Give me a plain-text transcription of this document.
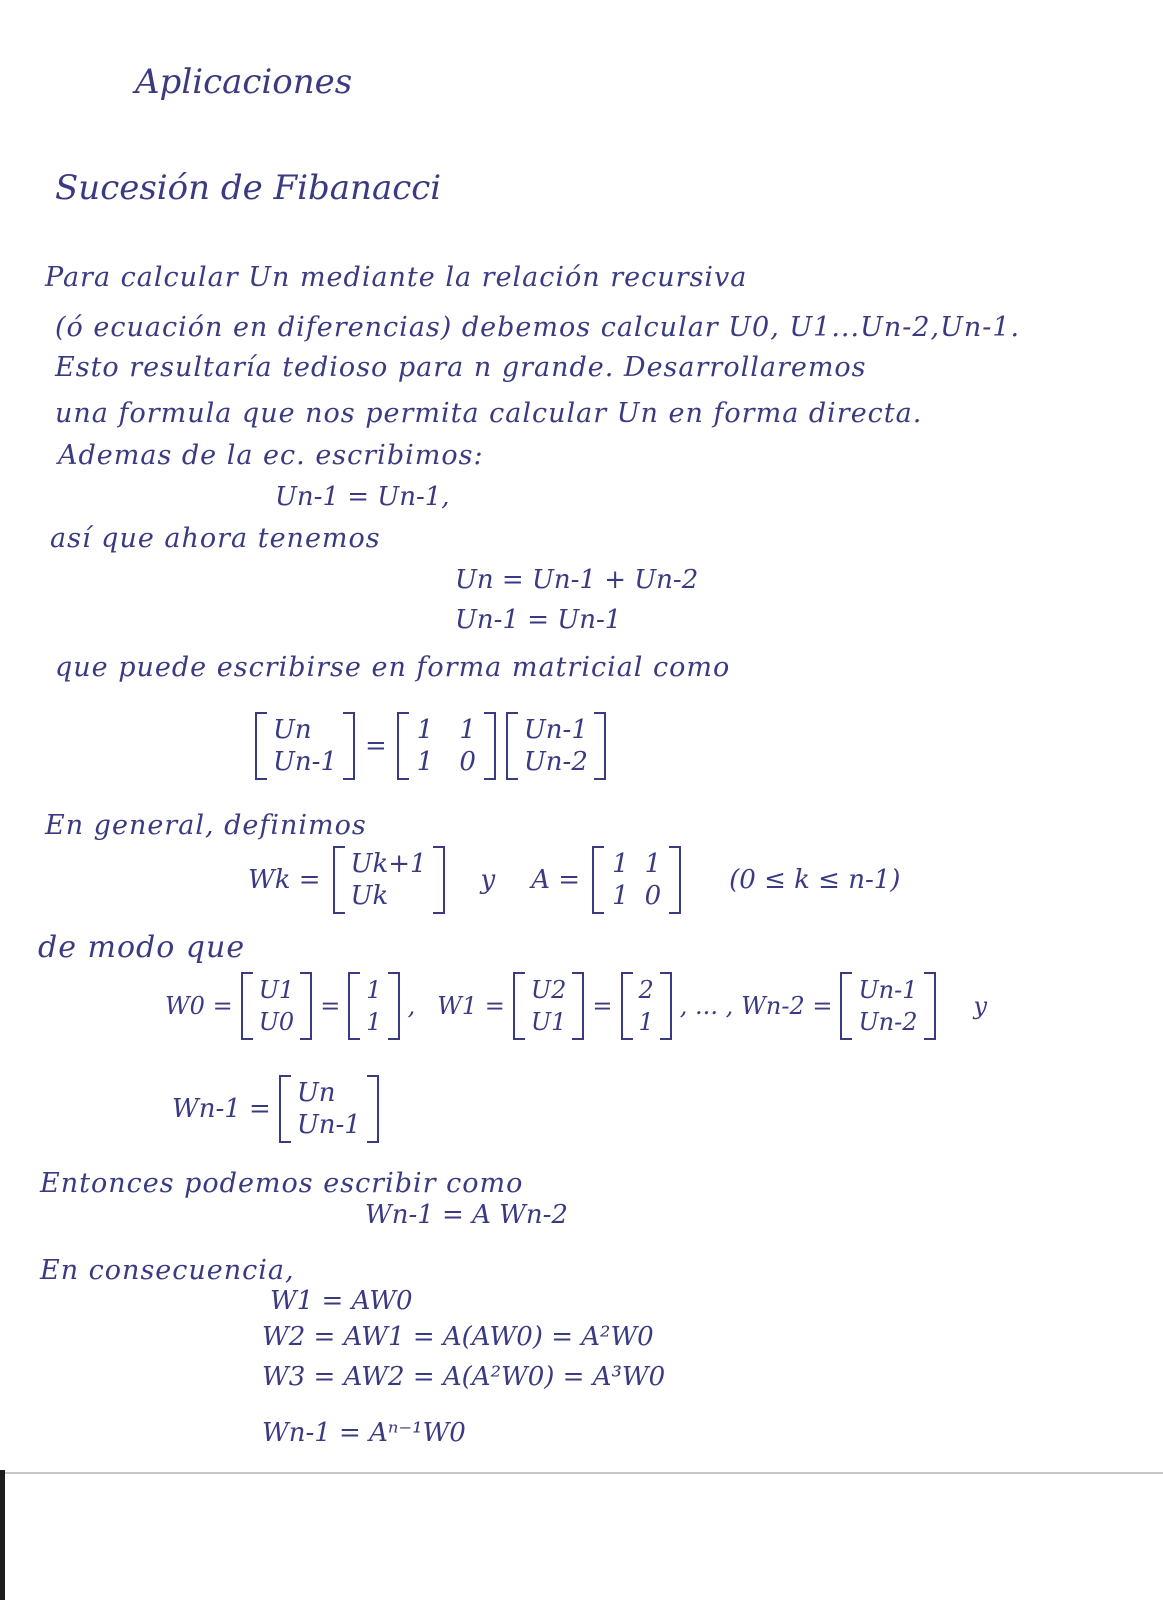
Aplicaciones
Sucesión de Fibanacci
Para calcular Un mediante la relación recursiva
(ó ecuación en diferencias) debemos calcular U0, U1...Un-2,Un-1.
Esto resultaría tedioso para n grande. Desarrollaremos
una formula que nos permita calcular Un en forma directa.
Ademas de la ec. escribimos:
Un-1 = Un-1,
así que ahora tenemos
Un = Un-1 + Un-2
Un-1 = Un-1
que puede escribirse en forma matricial como
Un
Un-1
=
1 1
1 0
Un-1
Un-2
En general, definimos
Wk =
Uk+1
Uk
y A =
1 1
1 0
(0 ≤ k ≤ n-1)
de modo que
W0 =
U1
U0
=
1
1
, W1 =
U2
U1
=
2
1
, ... , Wn-2 =
Un-1
Un-2
y
Wn-1 =
Un
Un-1
Entonces podemos escribir como
Wn-1 = A Wn-2
En consecuencia,
W1 = AW0
W2 = AW1 = A(AW0) = A²W0
W3 = AW2 = A(A²W0) = A³W0
Wn-1 = Aⁿ⁻¹W0
